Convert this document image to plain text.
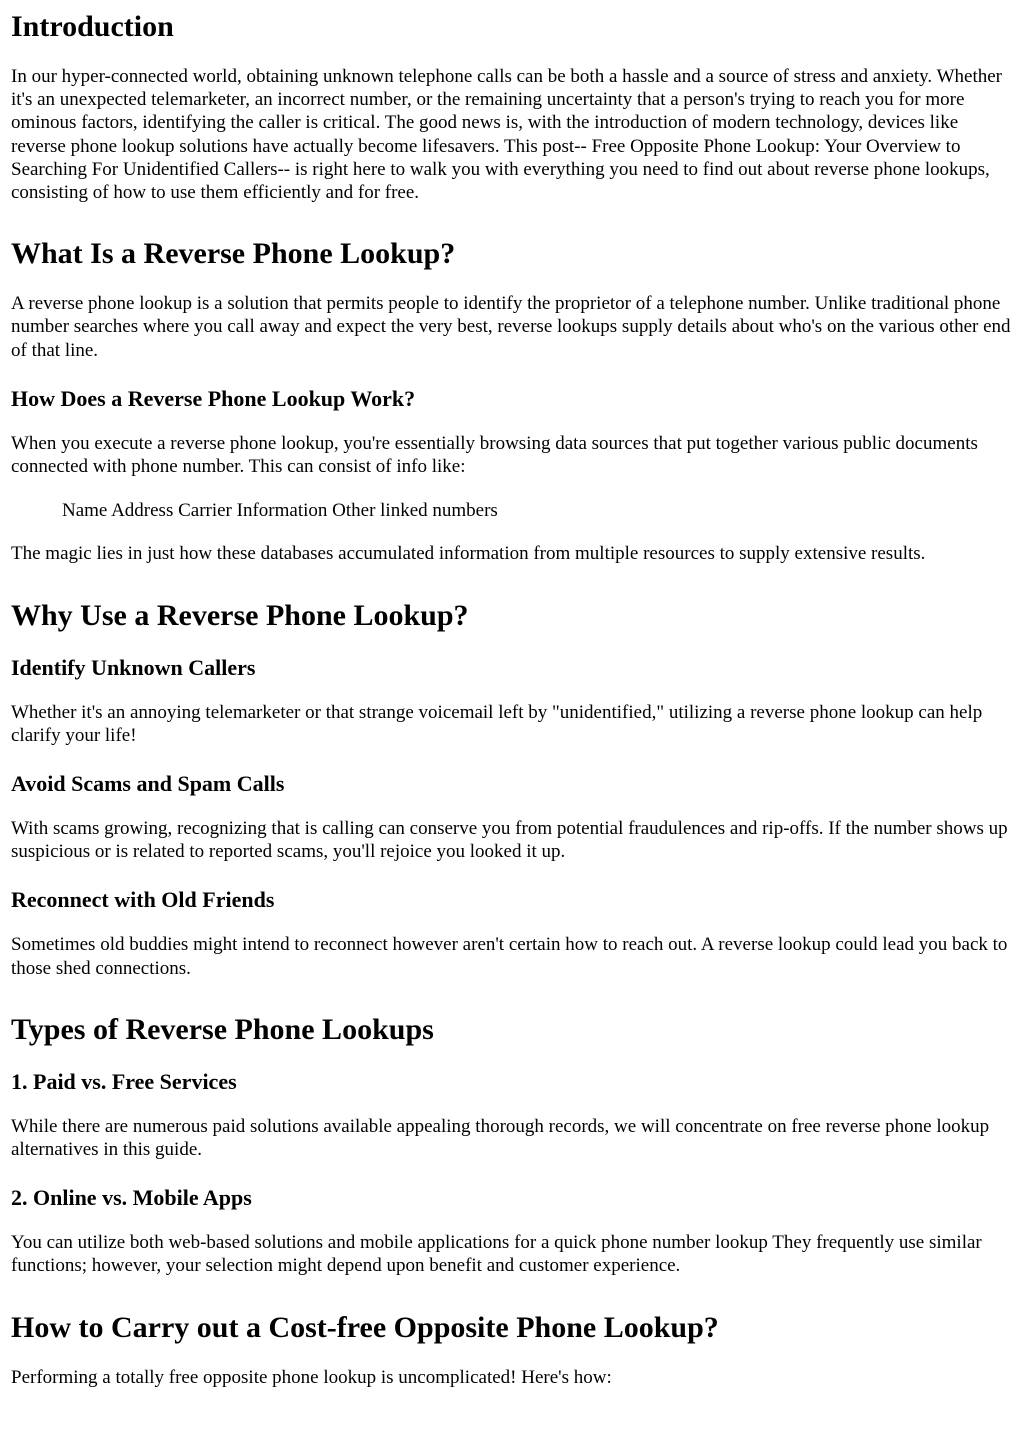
Introduction

In our hyper-connected world, obtaining unknown telephone calls can be both a hassle and a source of stress and anxiety. Whether it's an unexpected telemarketer, an incorrect number, or the remaining uncertainty that a person's trying to reach you for more ominous factors, identifying the caller is critical. The good news is, with the introduction of modern technology, devices like reverse phone lookup solutions have actually become lifesavers. This post-- Free Opposite Phone Lookup: Your Overview to Searching For Unidentified Callers-- is right here to walk you with everything you need to find out about reverse phone lookups, consisting of how to use them efficiently and for free.

What Is a Reverse Phone Lookup?

A reverse phone lookup is a solution that permits people to identify the proprietor of a telephone number. Unlike traditional phone number searches where you call away and expect the very best, reverse lookups supply details about who's on the various other end of that line.

How Does a Reverse Phone Lookup Work?

When you execute a reverse phone lookup, you're essentially browsing data sources that put together various public documents connected with phone number. This can consist of info like:

Name Address Carrier Information Other linked numbers

The magic lies in just how these databases accumulated information from multiple resources to supply extensive results.

Why Use a Reverse Phone Lookup?
Identify Unknown Callers

Whether it's an annoying telemarketer or that strange voicemail left by "unidentified," utilizing a reverse phone lookup can help clarify your life!

Avoid Scams and Spam Calls

With scams growing, recognizing that is calling can conserve you from potential fraudulences and rip-offs. If the number shows up suspicious or is related to reported scams, you'll rejoice you looked it up.

Reconnect with Old Friends

Sometimes old buddies might intend to reconnect however aren't certain how to reach out. A reverse lookup could lead you back to those shed connections.

Types of Reverse Phone Lookups
1. Paid vs. Free Services

While there are numerous paid solutions available appealing thorough records, we will concentrate on free reverse phone lookup alternatives in this guide.

2. Online vs. Mobile Apps

You can utilize both web-based solutions and mobile applications for a quick phone number lookup They frequently use similar functions; however, your selection might depend upon benefit and customer experience.

How to Carry out a Cost-free Opposite Phone Lookup?

Performing a totally free opposite phone lookup is uncomplicated! Here's how:
